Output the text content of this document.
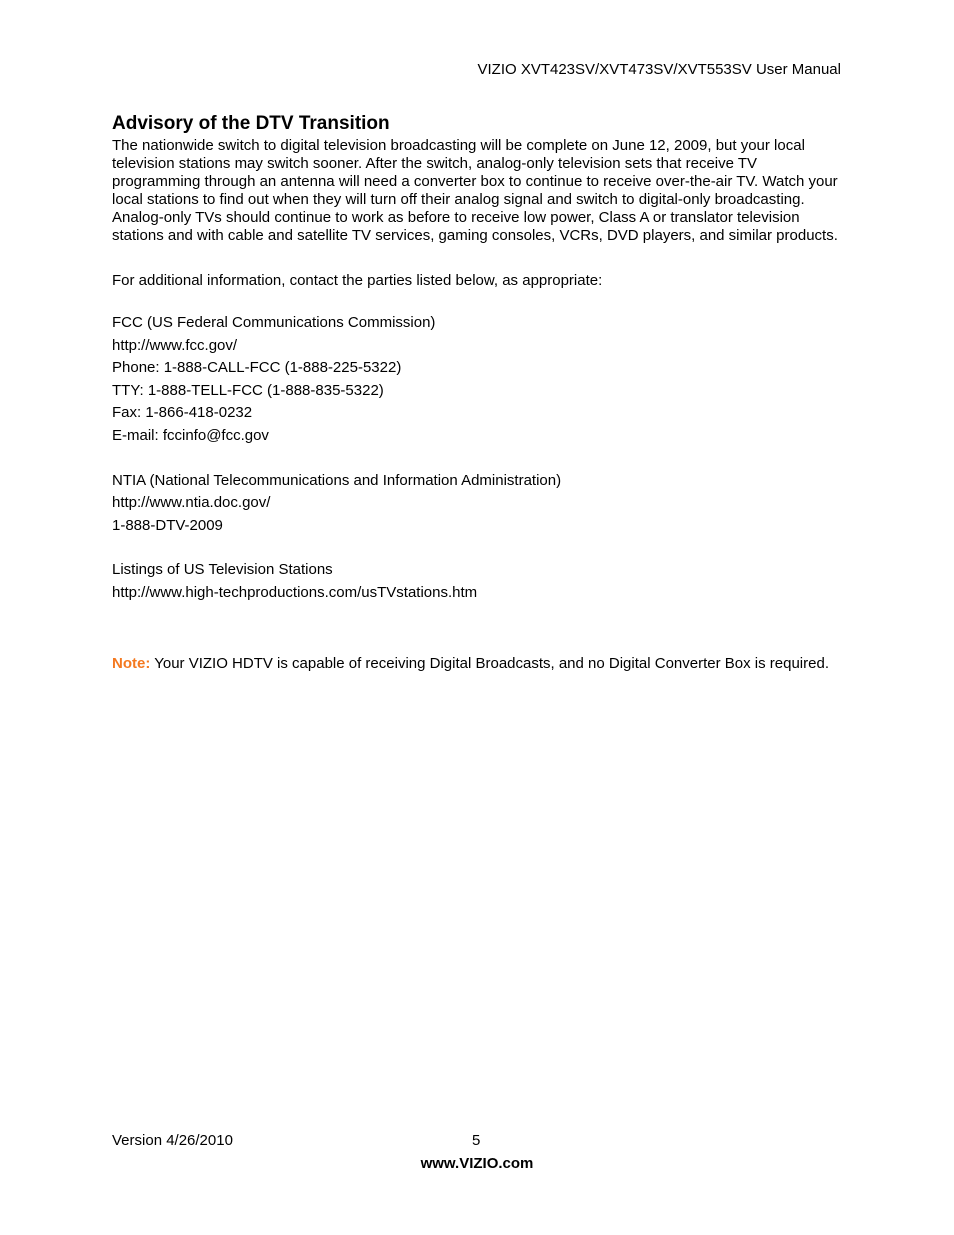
VIZIO XVT423SV/XVT473SV/XVT553SV User Manual
Advisory of the DTV Transition

The nationwide switch to digital television broadcasting will be complete on June 12, 2009, but your local television stations may switch sooner. After the switch, analog-only television sets that receive TV programming through an antenna will need a converter box to continue to receive over-the-air TV. Watch your local stations to find out when they will turn off their analog signal and switch to digital-only broadcasting. Analog-only TVs should continue to work as before to receive low power, Class A or translator television stations and with cable and satellite TV services, gaming consoles, VCRs, DVD players, and similar products.

For additional information, contact the parties listed below, as appropriate:

FCC (US Federal Communications Commission)

http://www.fcc.gov/

Phone: 1-888-CALL-FCC (1-888-225-5322)

TTY: 1-888-TELL-FCC (1-888-835-5322)

Fax: 1-866-418-0232

E-mail: fccinfo@fcc.gov

NTIA (National Telecommunications and Information Administration)

http://www.ntia.doc.gov/

1-888-DTV-2009

Listings of US Television Stations

http://www.high-techproductions.com/usTVstations.htm

Note: Your VIZIO HDTV is capable of receiving Digital Broadcasts, and no Digital Converter Box is required.

Version 4/26/2010	5
www.VIZIO.com
